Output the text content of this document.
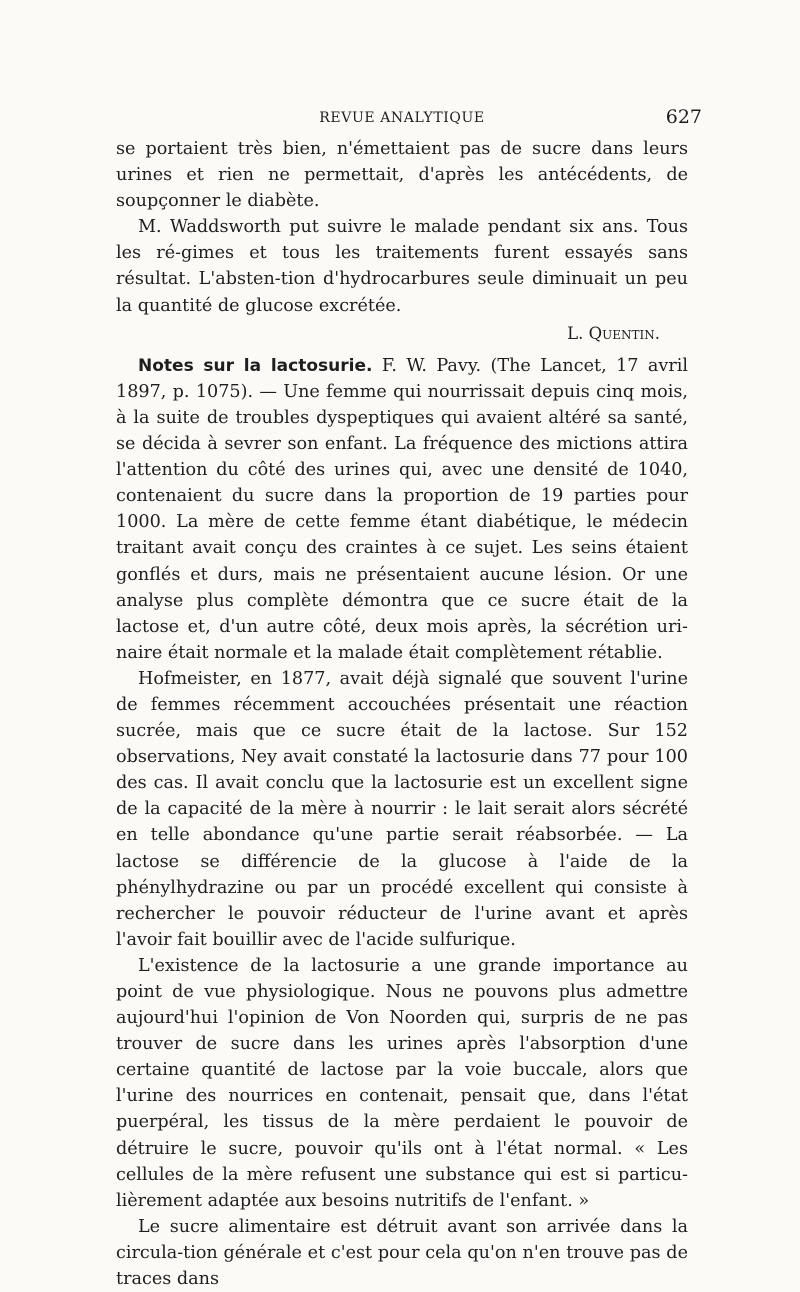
REVUE ANALYTIQUE	627

se portaient très bien, n'émettaient pas de sucre dans leurs urines et rien ne permettait, d'après les antécédents, de soupçonner le diabète.

M. Waddsworth put suivre le malade pendant six ans. Tous les ré-gimes et tous les traitements furent essayés sans résultat. L'absten-tion d'hydrocarbures seule diminuait un peu la quantité de glucose excrétée.

L. Quentin.

Notes sur la lactosurie. F. W. Pavy. (The Lancet, 17 avril 1897, p. 1075). — Une femme qui nourrissait depuis cinq mois, à la suite de troubles dyspeptiques qui avaient altéré sa santé, se décida à sevrer son enfant. La fréquence des mictions attira l'attention du côté des urines qui, avec une densité de 1040, contenaient du sucre dans la proportion de 19 parties pour 1000. La mère de cette femme étant diabétique, le médecin traitant avait conçu des craintes à ce sujet. Les seins étaient gonflés et durs, mais ne présentaient aucune lésion. Or une analyse plus complète démontra que ce sucre était de la lactose et, d'un autre côté, deux mois après, la sécrétion uri-naire était normale et la malade était complètement rétablie.

Hofmeister, en 1877, avait déjà signalé que souvent l'urine de femmes récemment accouchées présentait une réaction sucrée, mais que ce sucre était de la lactose. Sur 152 observations, Ney avait constaté la lactosurie dans 77 pour 100 des cas. Il avait conclu que la lactosurie est un excellent signe de la capacité de la mère à nourrir : le lait serait alors sécrété en telle abondance qu'une partie serait réabsorbée. — La lactose se différencie de la glucose à l'aide de la phénylhydrazine ou par un procédé excellent qui consiste à rechercher le pouvoir réducteur de l'urine avant et après l'avoir fait bouillir avec de l'acide sulfurique.

L'existence de la lactosurie a une grande importance au point de vue physiologique. Nous ne pouvons plus admettre aujourd'hui l'opinion de Von Noorden qui, surpris de ne pas trouver de sucre dans les urines après l'absorption d'une certaine quantité de lactose par la voie buccale, alors que l'urine des nourrices en contenait, pensait que, dans l'état puerpéral, les tissus de la mère perdaient le pouvoir de détruire le sucre, pouvoir qu'ils ont à l'état normal. « Les cellules de la mère refusent une substance qui est si particu-lièrement adaptée aux besoins nutritifs de l'enfant. »

Le sucre alimentaire est détruit avant son arrivée dans la circula-tion générale et c'est pour cela qu'on n'en trouve pas de traces dans
